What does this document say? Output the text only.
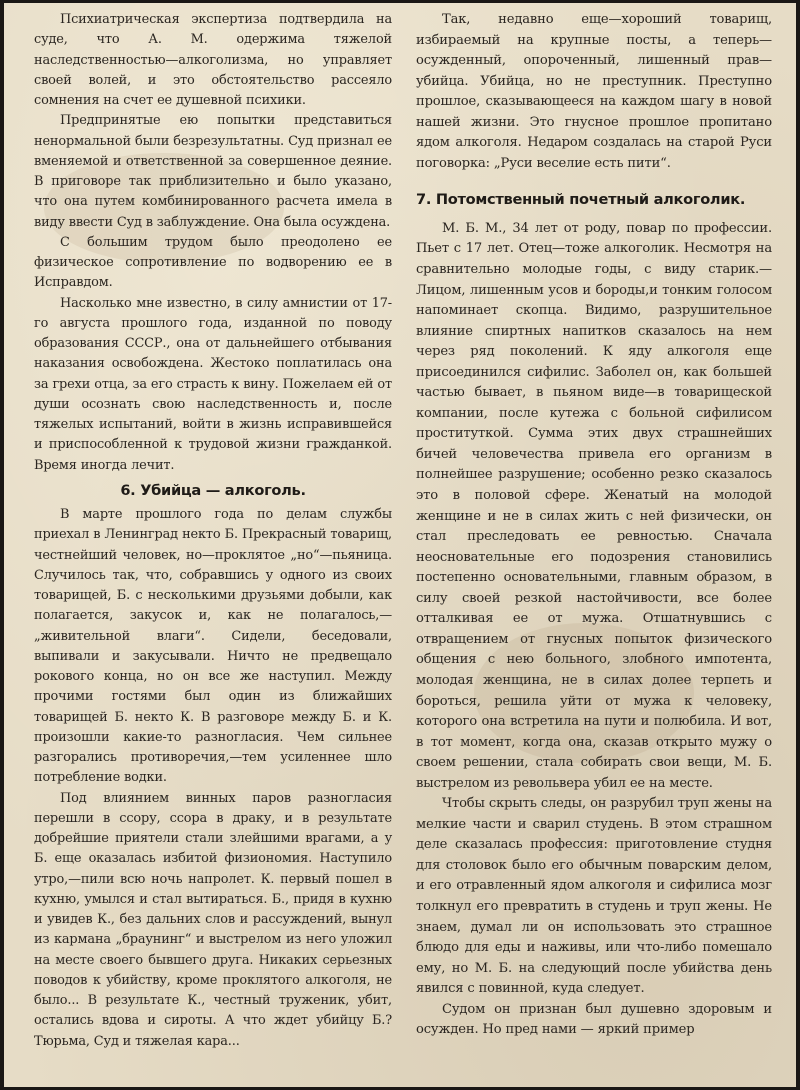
Психиатрическая экспертиза подтвердила на суде, что А. М. одержима тяжелой наследственностью—алкоголизма, но управляет своей волей, и это обстоятельство рассеяло сомнения на счет ее душевной психики.

Предпринятые ею попытки представиться ненормальной были безрезультатны. Суд признал ее вменяемой и ответственной за совершенное деяние. В приговоре так приблизительно и было указано, что она путем комбинированного расчета имела в виду ввести Суд в заблуждение. Она была осуждена.

С большим трудом было преодолено ее физическое сопротивление по водворению ее в Исправдом.

Насколько мне известно, в силу амнистии от 17-го августа прошлого года, изданной по поводу образования СССР., она от дальнейшего отбывания наказания освобождена. Жестоко поплатилась она за грехи отца, за его страсть к вину. Пожелаем ей от души осознать свою наследственность и, после тяжелых испытаний, войти в жизнь исправившейся и приспособленной к трудовой жизни гражданкой. Время иногда лечит.

6. Убийца — алкоголь.

В марте прошлого года по делам службы приехал в Ленинград некто Б. Прекрасный товарищ, честнейший человек, но—проклятое „но“—пьяница. Случилось так, что, собравшись у одного из своих товарищей, Б. с несколькими друзьями добыли, как полагается, закусок и, как не полагалось,—„живительной влаги“. Сидели, беседовали, выпивали и закусывали. Ничто не предвещало рокового конца, но он все же наступил. Между прочими гостями был один из ближайших товарищей Б. некто К. В разговоре между Б. и К. произошли какие-то разногласия. Чем сильнее разгорались противоречия,—тем усиленнее шло потребление водки.

Под влиянием винных паров разногласия перешли в ссору, ссора в драку, и в результате добрейшие приятели стали злейшими врагами, а у Б. еще оказалась избитой физиономия. Наступило утро,—пили всю ночь напролет. К. первый пошел в кухню, умылся и стал вытираться. Б., придя в кухню и увидев К., без дальних слов и рассуждений, вынул из кармана „браунинг“ и выстрелом из него уложил на месте своего бывшего друга. Никаких серьезных поводов к убийству, кроме проклятого алкоголя, не было... В результате К., честный труженик, убит, остались вдова и сироты. А что ждет убийцу Б.? Тюрьма, Суд и тяжелая кара...

Так, недавно еще—хороший товарищ, избираемый на крупные посты, а теперь—осужденный, опороченный, лишенный прав—убийца. Убийца, но не преступник. Преступно прошлое, сказывающееся на каждом шагу в новой нашей жизни. Это гнусное прошлое пропитано ядом алкоголя. Недаром создалась на старой Руси поговорка: „Руси веселие есть пити“.

7. Потомственный почетный алкоголик.

М. Б. М., 34 лет от роду, повар по профессии. Пьет с 17 лет. Отец—тоже алкоголик. Несмотря на сравнительно молодые годы, с виду старик.—Лицом, лишенным усов и бороды,и тонким голосом напоминает скопца. Видимо, разрушительное влияние спиртных напитков сказалось на нем через ряд поколений. К яду алкоголя еще присоединился сифилис. Заболел он, как большей частью бывает, в пьяном виде—в товарищеской компании, после кутежа с больной сифилисом проституткой. Сумма этих двух страшнейших бичей человечества привела его организм в полнейшее разрушение; особенно резко сказалось это в половой сфере. Женатый на молодой женщине и не в силах жить с ней физически, он стал преследовать ее ревностью. Сначала неосновательные его подозрения становились постепенно основательными, главным образом, в силу своей резкой настойчивости, все более отталкивая ее от мужа. Отшатнувшись с отвращением от гнусных попыток физического общения с нею больного, злобного импотента, молодая женщина, не в силах долее терпеть и бороться, решила уйти от мужа к человеку, которого она встретила на пути и полюбила. И вот, в тот момент, когда она, сказав открыто мужу о своем решении, стала собирать свои вещи, М. Б. выстрелом из револьвера убил ее на месте.

Чтобы скрыть следы, он разрубил труп жены на мелкие части и сварил студень. В этом страшном деле сказалась профессия: приготовление студня для столовок было его обычным поварским делом, и его отравленный ядом алкоголя и сифилиса мозг толкнул его превратить в студень и труп жены. Не знаем, думал ли он использовать это страшное блюдо для еды и наживы, или что-либо помешало ему, но М. Б. на следующий после убийства день явился с повинной, куда следует.

Судом он признан был душевно здоровым и осужден. Но пред нами — яркий пример
